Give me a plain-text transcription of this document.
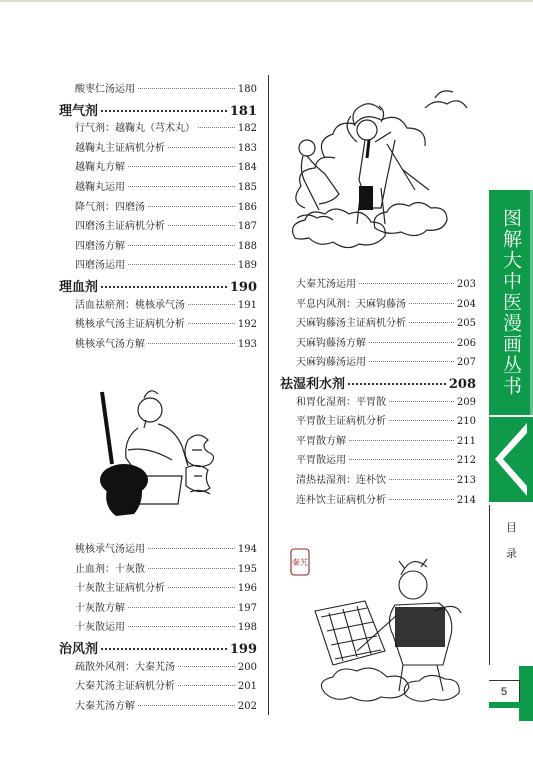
酸枣仁汤运用	180
理气剂	181
行气剂：越鞠丸（芎术丸）	182
越鞠丸主证病机分析	183
越鞠丸方解	184
越鞠丸运用	185
降气剂：四磨汤	186
四磨汤主证病机分析	187
四磨汤方解	188
四磨汤运用	189
理血剂	190
活血祛瘀剂：桃核承气汤	191
桃核承气汤主证病机分析	192
桃核承气汤方解	193
桃核承气汤运用	194
止血剂：十灰散	195
十灰散主证病机分析	196
十灰散方解	197
十灰散运用	198
治风剂	199
疏散外风剂：大秦艽汤	200
大秦艽汤主证病机分析	201
大秦艽汤方解	202
大秦艽汤运用	203
平息内风剂：天麻钩藤汤	204
天麻钩藤汤主证病机分析	205
天麻钩藤汤方解	206
天麻钩藤汤运用	207
祛湿利水剂	208
和胃化湿剂：平胃散	209
平胃散主证病机分析	210
平胃散方解	211
平胃散运用	212
清热祛湿剂：连朴饮	213
连朴饮主证病机分析	214
秦艽
图解大中医漫画丛书
目
录
5
